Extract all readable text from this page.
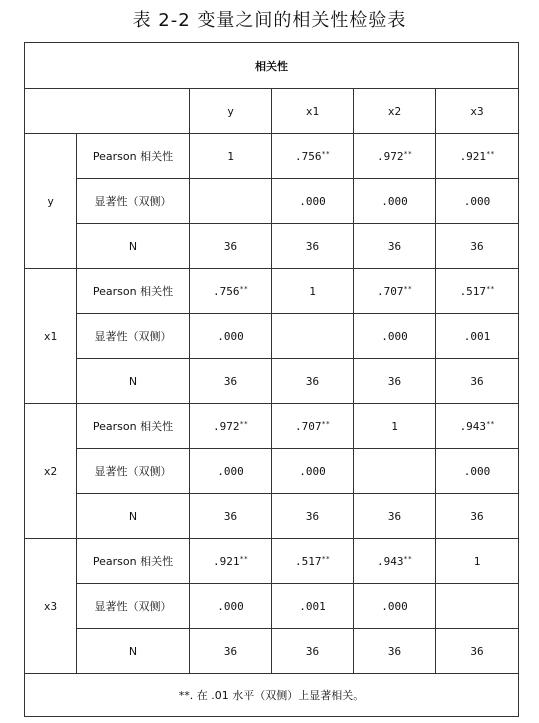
表 2-2 变量之间的相关性检验表
相关性					
		y	x1	x2	x3
y	Pearson 相关性	1	.756**	.972**	.921**
	显著性（双侧）		.000	.000	.000
	N	36	36	36	36
x1	Pearson 相关性	.756**	1	.707**	.517**
	显著性（双侧）	.000		.000	.001
	N	36	36	36	36
x2	Pearson 相关性	.972**	.707**	1	.943**
	显著性（双侧）	.000	.000		.000
	N	36	36	36	36
x3	Pearson 相关性	.921**	.517**	.943**	1
	显著性（双侧）	.000	.001	.000	
	N	36	36	36	36
**. 在 .01 水平（双侧）上显著相关。					
